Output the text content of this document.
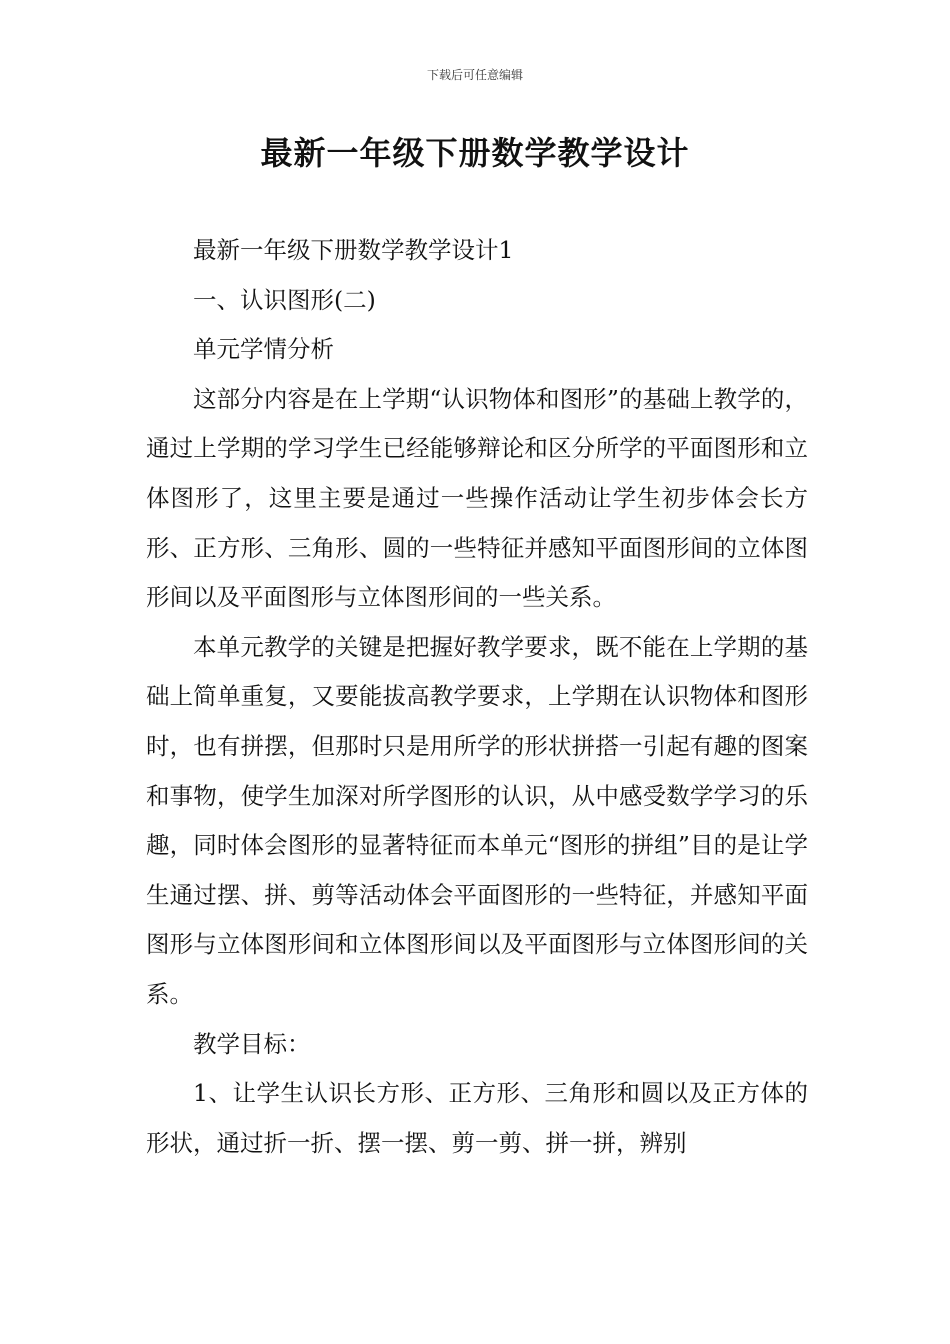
下载后可任意编辑
最新一年级下册数学教学设计

最新一年级下册数学教学设计1

一、认识图形(二)

单元学情分析

这部分内容是在上学期“认识物体和图形”的基础上教学的，通过上学期的学习学生已经能够辩论和区分所学的平面图形和立体图形了，这里主要是通过一些操作活动让学生初步体会长方形、正方形、三角形、圆的一些特征并感知平面图形间的立体图形间以及平面图形与立体图形间的一些关系。

本单元教学的关键是把握好教学要求，既不能在上学期的基础上简单重复，又要能拔高教学要求，上学期在认识物体和图形时，也有拼摆，但那时只是用所学的形状拼搭一引起有趣的图案和事物，使学生加深对所学图形的认识，从中感受数学学习的乐趣，同时体会图形的显著特征而本单元“图形的拼组”目的是让学生通过摆、拼、剪等活动体会平面图形的一些特征，并感知平面图形与立体图形间和立体图形间以及平面图形与立体图形间的关系。

教学目标：

1、让学生认识长方形、正方形、三角形和圆以及正方体的形状，通过折一折、摆一摆、剪一剪、拼一拼，辨别
